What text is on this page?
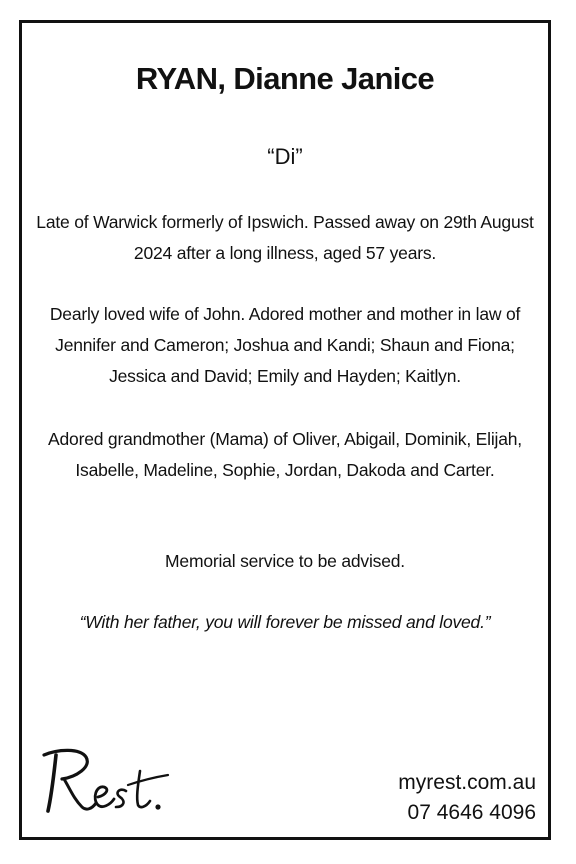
RYAN, Dianne Janice

“Di”

Late of Warwick formerly of Ipswich. Passed away on 29th August 2024 after a long illness, aged 57 years.

Dearly loved wife of John. Adored mother and mother in law of Jennifer and Cameron; Joshua and Kandi; Shaun and Fiona; Jessica and David; Emily and Hayden; Kaitlyn.

Adored grandmother (Mama) of Oliver, Abigail, Dominik, Elijah, Isabelle, Madeline, Sophie, Jordan, Dakoda and Carter.

Memorial service to be advised.

“With her father, you will forever be missed and loved.”

myrest.com.au
07 4646 4096
